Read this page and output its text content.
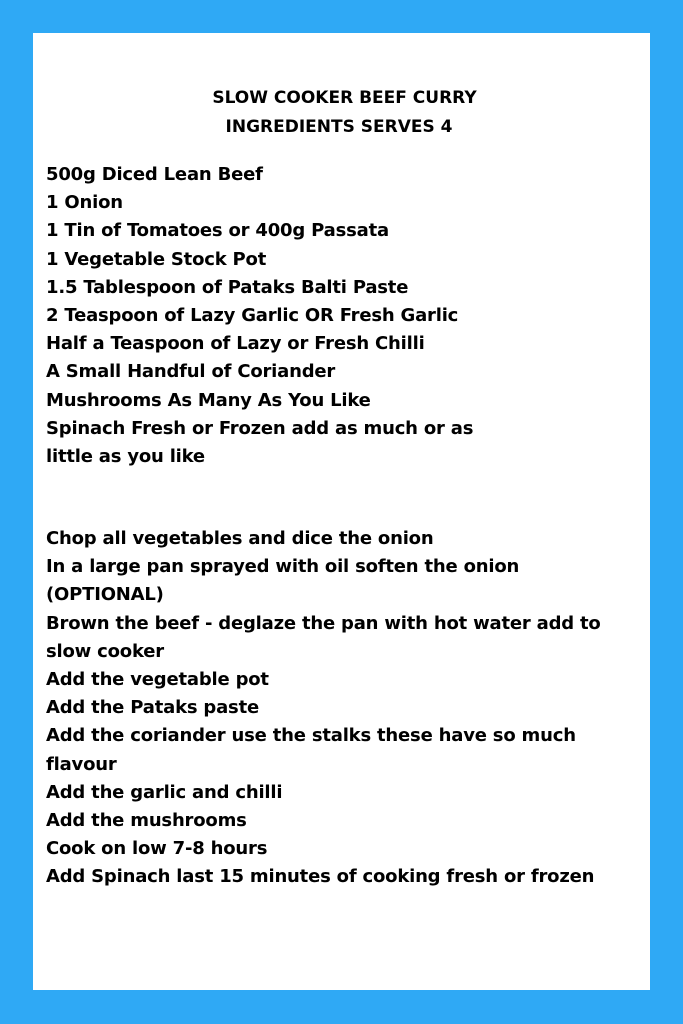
SLOW COOKER BEEF CURRY
INGREDIENTS SERVES 4
500g Diced Lean Beef
1 Onion
1 Tin of Tomatoes or 400g Passata
1 Vegetable Stock Pot
1.5 Tablespoon of Pataks Balti Paste
2 Teaspoon of Lazy Garlic OR Fresh Garlic
Half a Teaspoon of Lazy or Fresh Chilli
A Small Handful of Coriander
Mushrooms As Many As You Like
Spinach Fresh or Frozen add as much or as
little as you like
Chop all vegetables and dice the onion
In a large pan sprayed with oil soften the onion
(OPTIONAL)
Brown the beef - deglaze the pan with hot water add to
slow cooker
Add the vegetable pot
Add the Pataks paste
Add the coriander use the stalks these have so much
flavour
Add the garlic and chilli
Add the mushrooms
Cook on low 7-8 hours
Add Spinach last 15 minutes of cooking fresh or frozen
